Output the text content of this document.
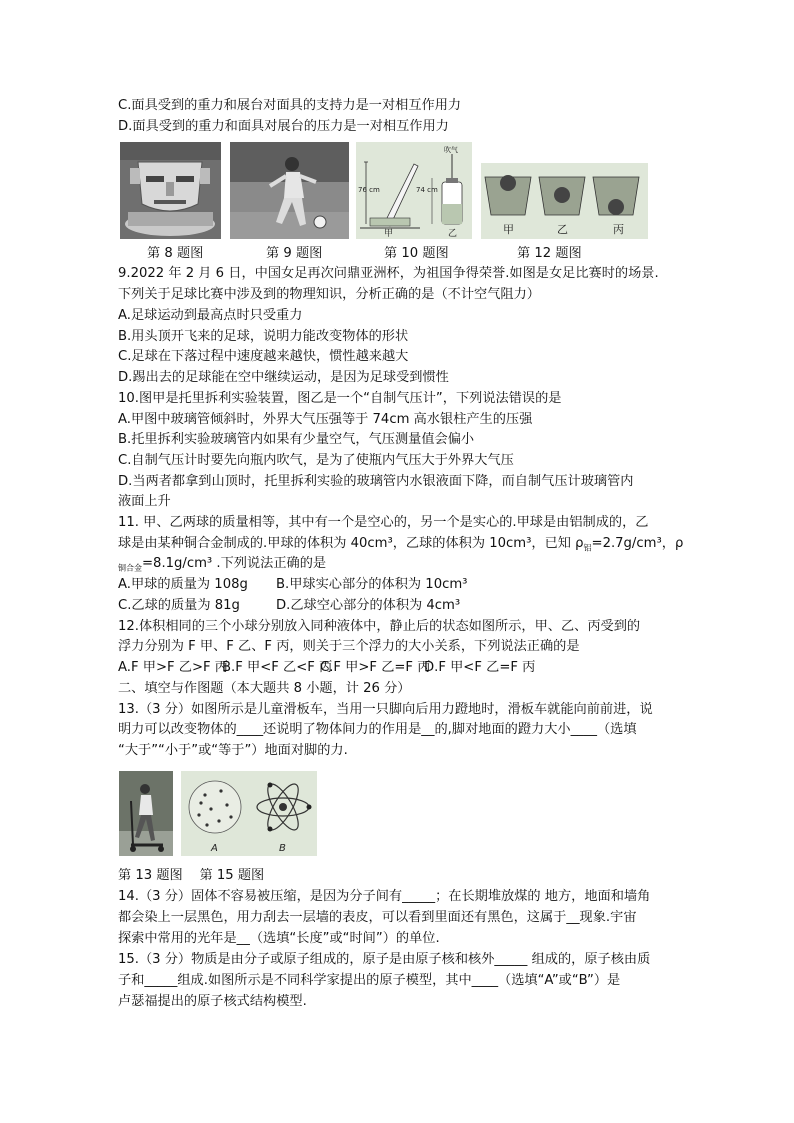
C.面具受到的重力和展台对面具的支持力是一对相互作用力
D.面具受到的重力和面具对展台的压力是一对相互作用力
76 cm	74 cm
甲
吹气
乙	甲	乙	丙
第 8 题图	第 9 题图	第 10 题图	第 12 题图
9.2022 年 2 月 6 日，中国女足再次问鼎亚洲杯，为祖国争得荣誉.如图是女足比赛时的场景.
下列关于足球比赛中涉及到的物理知识，分析正确的是（不计空气阻力）
A.足球运动到最高点时只受重力
B.用头顶开飞来的足球，说明力能改变物体的形状
C.足球在下落过程中速度越来越快，惯性越来越大
D.踢出去的足球能在空中继续运动，是因为足球受到惯性
10.图甲是托里拆利实验装置，图乙是一个“自制气压计”，下列说法错误的是
A.甲图中玻璃管倾斜时，外界大气压强等于 74cm 高水银柱产生的压强
B.托里拆利实验玻璃管内如果有少量空气，气压测量值会偏小
C.自制气压计时要先向瓶内吹气，是为了使瓶内气压大于外界大气压
D.当两者都拿到山顶时，托里拆利实验的玻璃管内水银液面下降，而自制气压计玻璃管内
液面上升
11. 甲、乙两球的质量相等，其中有一个是空心的，另一个是实心的.甲球是由铝制成的，乙
球是由某种铜合金制成的.甲球的体积为 40cm³，乙球的体积为 10cm³，已知 $\rho_铝=2.7g$/cm³，ρ
$_{铜合金}$=8.1g/cm³ .下列说法正确的是
A.甲球的质量为 108g B.甲球实心部分的体积为 10cm³
C.乙球的质量为 81g	D.乙球空心部分的体积为 4cm³
12.体积相同的三个小球分别放入同种液体中，静止后的状态如图所示，甲、乙、丙受到的
浮力分别为 F 甲、F 乙、F 丙，则关于三个浮力的大小关系，下列说法正确的是
A.F 甲>F 乙>F 丙
B.F 甲<F 乙<F 丙
C.F 甲>F 乙=F 丙
D.F 甲<F 乙=F 丙
二、填空与作图题（本大题共 8 小题，计 26 分）
13.（3 分）如图所示是儿童滑板车，当用一只脚向后用力蹬地时，滑板车就能向前前进，说
明力可以改变物体的____还说明了物体间力的作用是__的,脚对地面的蹬力大小____（选填
“大于”“小于”或“等于”）地面对脚的力.
A	B
第 13 题图    第 15 题图
14.（3 分）固体不容易被压缩，是因为分子间有_____；在长期堆放煤的 地方，地面和墙角
都会染上一层黑色，用力刮去一层墙的表皮，可以看到里面还有黑色，这属于__现象.宇宙
探索中常用的光年是__（选填“长度”或“时间”）的单位.
15.（3 分）物质是由分子或原子组成的，原子是由原子核和核外_____ 组成的，原子核由质
子和_____组成.如图所示是不同科学家提出的原子模型，其中____（选填“A”或“B”）是
卢瑟福提出的原子核式结构模型.
